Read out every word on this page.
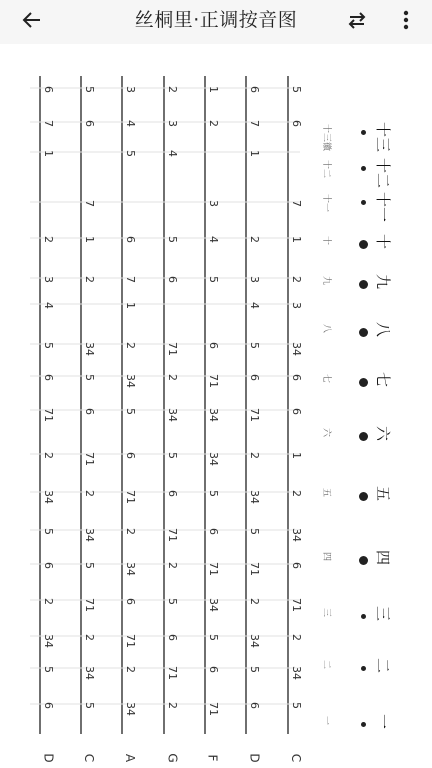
丝桐里·正调按音图
C
D
F
G
A
C
D
十三
十三徽
十二
十二
十一
十一
十
十
九
九
八
八
七
七
六
六
五
五
四
四
三
三
二
二
一
一
5
6
1
2
3
5
6
6
7
2
3
4
6
7
1
4
5
1
7
3
7
1
2
4
5
6
1
2
2
3
5
6
7
2
3
3
4
1
4
34
5
6
71
2
34
5
6
6
71
2
34
5
6
6
71
34
34
5
6
71
1
2
34
5
6
71
2
2
34
5
6
71
2
34
34
5
6
71
2
34
5
6
71
71
2
34
5
6
71
2
34
5
6
71
2
2
34
5
6
71
2
34
34
5
6
71
2
34
5
5
6
71
2
34
5
6
